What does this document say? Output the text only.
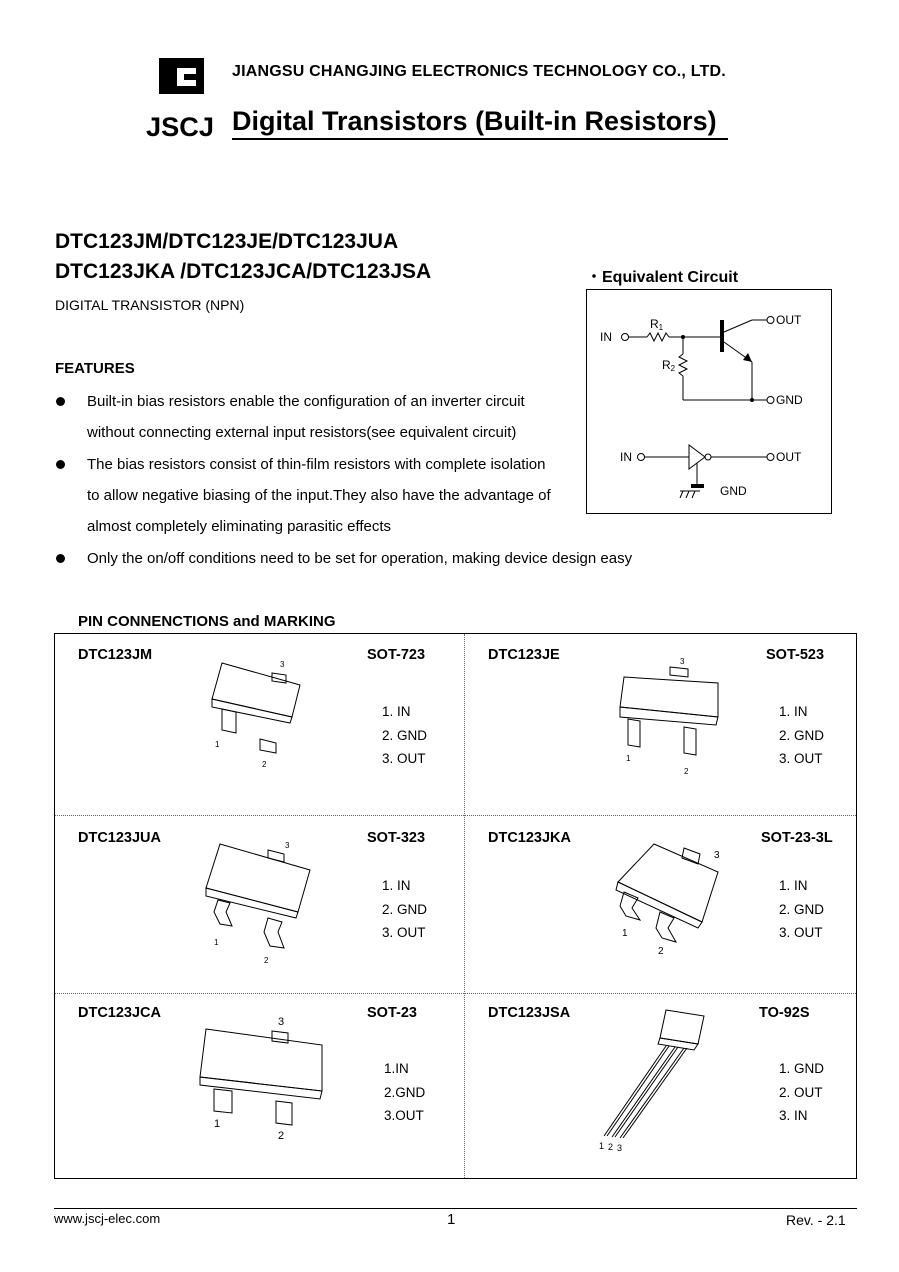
JSCJ
JIANGSU CHANGJING ELECTRONICS TECHNOLOGY CO., LTD.
Digital Transistors (Built-in Resistors)
DTC123JM/DTC123JE/DTC123JUA
DTC123JKA /DTC123JCA/DTC123JSA
DIGITAL TRANSISTOR (NPN)
FEATURES
Built-in bias resistors enable the configuration of an inverter circuit
without connecting external input resistors(see equivalent circuit)
The bias resistors consist of thin-film resistors with complete isolation
to allow negative biasing of the input.They also have the advantage of
almost completely eliminating parasitic effects
Only the on/off conditions need to be set for operation, making device design easy
・Equivalent Circuit
IN
OUT
GND
R1
R2
IN	OUT
GND
PIN CONNENCTIONS and MARKING
DTC123JM	SOT-723
1. IN
2. GND
3. OUT
3
1
2
DTC123JE	SOT-523
1. IN
2. GND
3. OUT
3
1
2
DTC123JUA	SOT-323
1. IN
2. GND
3. OUT
3
1
2
DTC123JKA	SOT-23-3L
1. IN
2. GND
3. OUT
3
1
2
DTC123JCA	SOT-23
1.IN
2.GND
3.OUT
3
1
2
DTC123JSA	TO-92S
1. GND
2. OUT
3. IN
1 2 3
www.jscj-elec.com	1	Rev. - 2.1
